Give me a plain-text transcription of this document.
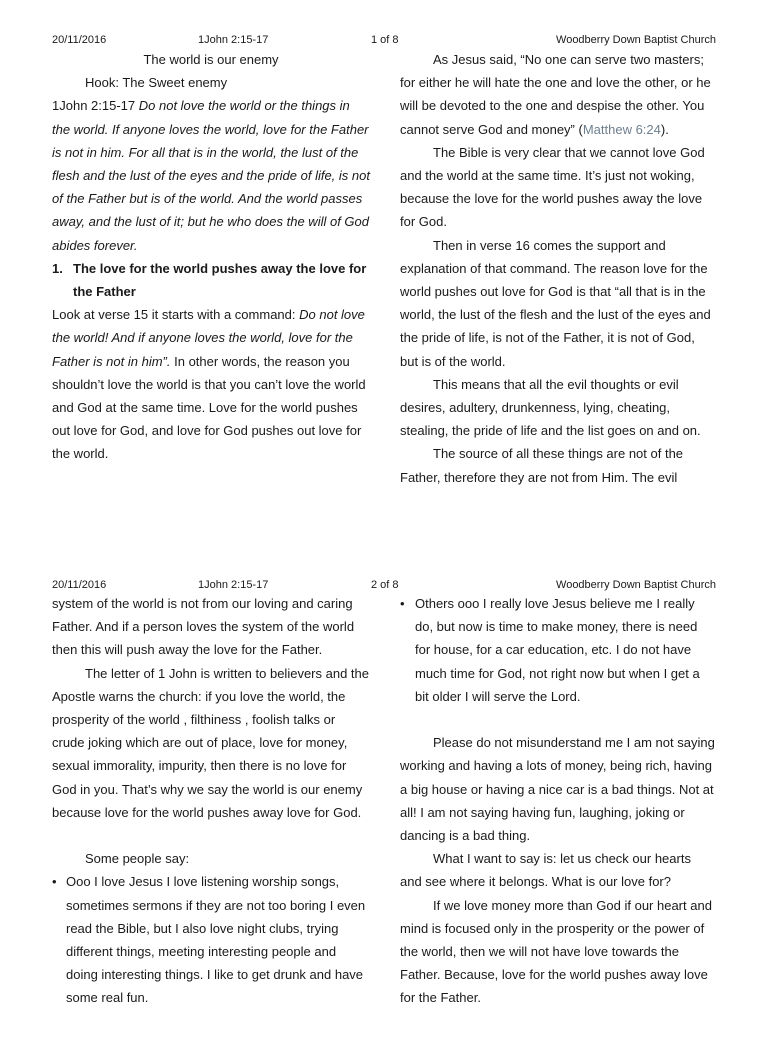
20/11/2016	1John 2:15-17	1 of 8	Woodberry Down Baptist Church

The world is our enemy

Hook: The Sweet enemy

1John 2:15-17 Do not love the world or the things in the world. If anyone loves the world, love for the Father is not in him. For all that is in the world, the lust of the flesh and the lust of the eyes and the pride of life, is not of the Father but is of the world. And the world passes away, and the lust of it; but he who does the will of God abides forever.

1. The love for the world pushes away the love for the Father

Look at verse 15 it starts with a command: Do not love the world! And if anyone loves the world, love for the Father is not in him”. In other words, the reason you shouldn’t love the world is that you can’t love the world and God at the same time. Love for the world pushes out love for God, and love for God pushes out love for the world.

As Jesus said, “No one can serve two masters; for either he will hate the one and love the other, or he will be devoted to the one and despise the other. You cannot serve God and money” (Matthew 6:24).

The Bible is very clear that we cannot love God and the world at the same time. It’s just not woking, because the love for the world pushes away the love for God.

Then in verse 16 comes the support and explanation of that command. The reason love for the world pushes out love for God is that “all that is in the world, the lust of the flesh and the lust of the eyes and the pride of life, is not of the Father, it is not of God, but is of the world.

This means that all the evil thoughts or evil desires, adultery, drunkenness, lying, cheating, stealing, the pride of life and the list goes on and on.

The source of all these things are not of the Father, therefore they are not from Him. The evil

20/11/2016	1John 2:15-17	2 of 8	Woodberry Down Baptist Church

system of the world is not from our loving and caring Father. And if a person loves the system of the world then this will push away the love for the Father.

The letter of 1 John is written to believers and the Apostle warns the church: if you love the world, the prosperity of the world , filthiness , foolish talks or crude joking which are out of place, love for money, sexual immorality, impurity, then there is no love for God in you. That’s why we say the world is our enemy because love for the world pushes away love for God.

Some people say:

• Ooo I love Jesus I love listening worship songs, sometimes sermons if they are not too boring I even read the Bible, but I also love night clubs, trying different things, meeting interesting people and doing interesting things. I like to get drunk and have some real fun.

• Others ooo I really love Jesus believe me I really do, but now is time to make money, there is need for house, for a car education, etc. I do not have much time for God, not right now but when I get a bit older I will serve the Lord.

Please do not misunderstand me I am not saying working and having a lots of money, being rich, having a big house or having a nice car is a bad things. Not at all! I am not saying having fun, laughing, joking or dancing is a bad thing.

What I want to say is: let us check our hearts and see where it belongs. What is our love for?

If we love money more than God if our heart and mind is focused only in the prosperity or the power of the world, then we will not have love towards the Father. Because, love for the world pushes away love for the Father.
